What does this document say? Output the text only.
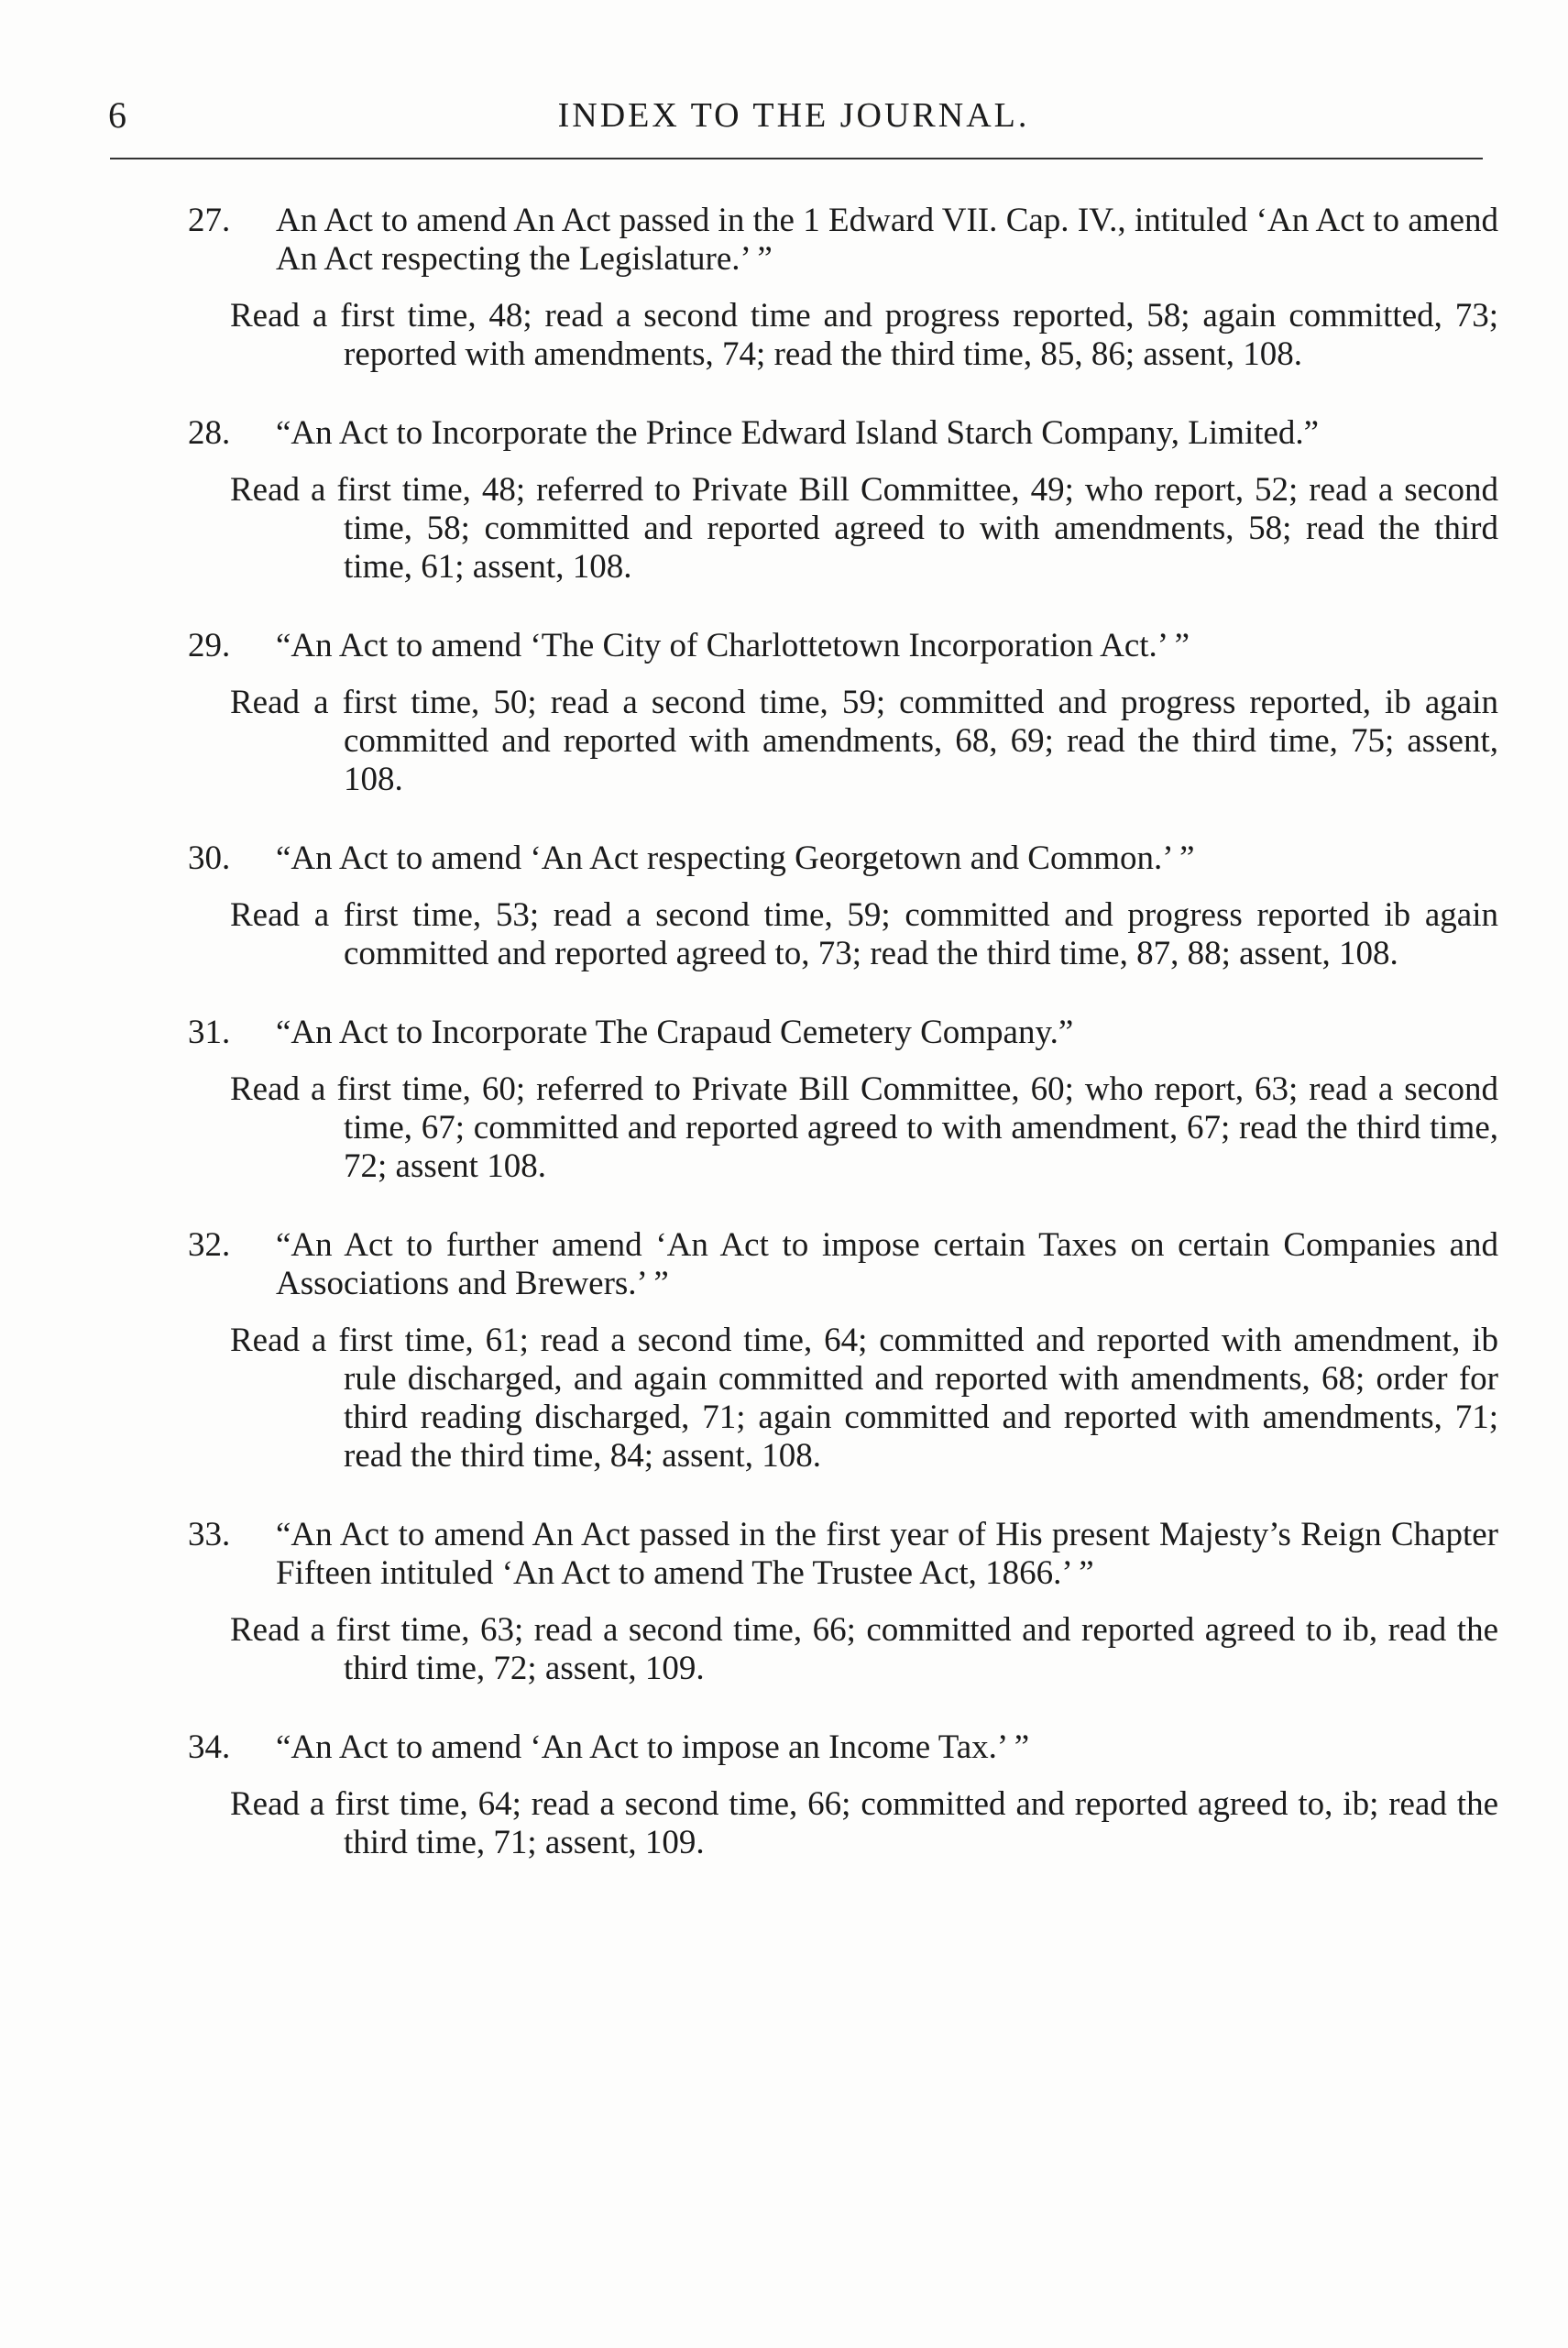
6	INDEX TO THE JOURNAL.
27. An Act to amend An Act passed in the 1 Edward VII. Cap. IV., intituled ‘An Act to amend An Act respecting the Legislature.’ ”
Read a first time, 48; read a second time and progress reported, 58; again committed, 73; reported with amendments, 74; read the third time, 85, 86; assent, 108.
28. “An Act to Incorporate the Prince Edward Island Starch Company, Limited.”
Read a first time, 48; referred to Private Bill Committee, 49; who report, 52; read a second time, 58; committed and reported agreed to with amendments, 58; read the third time, 61; assent, 108.
29. “An Act to amend ‘The City of Charlottetown Incorporation Act.’ ”
Read a first time, 50; read a second time, 59; committed and progress reported, ib again committed and reported with amendments, 68, 69; read the third time, 75; assent, 108.
30. “An Act to amend ‘An Act respecting Georgetown and Common.’ ”
Read a first time, 53; read a second time, 59; committed and progress reported ib again committed and reported agreed to, 73; read the third time, 87, 88; assent, 108.
31. “An Act to Incorporate The Crapaud Cemetery Company.”
Read a first time, 60; referred to Private Bill Committee, 60; who report, 63; read a second time, 67; committed and reported agreed to with amendment, 67; read the third time, 72; assent 108.
32. “An Act to further amend ‘An Act to impose certain Taxes on certain Companies and Associations and Brewers.’ ”
Read a first time, 61; read a second time, 64; committed and reported with amendment, ib rule discharged, and again committed and reported with amendments, 68; order for third reading discharged, 71; again committed and reported with amendments, 71; read the third time, 84; assent, 108.
33. “An Act to amend An Act passed in the first year of His present Majesty’s Reign Chapter Fifteen intituled ‘An Act to amend The Trustee Act, 1866.’ ”
Read a first time, 63; read a second time, 66; committed and reported agreed to ib, read the third time, 72; assent, 109.
34. “An Act to amend ‘An Act to impose an Income Tax.’ ”
Read a first time, 64; read a second time, 66; committed and reported agreed to, ib; read the third time, 71; assent, 109.
